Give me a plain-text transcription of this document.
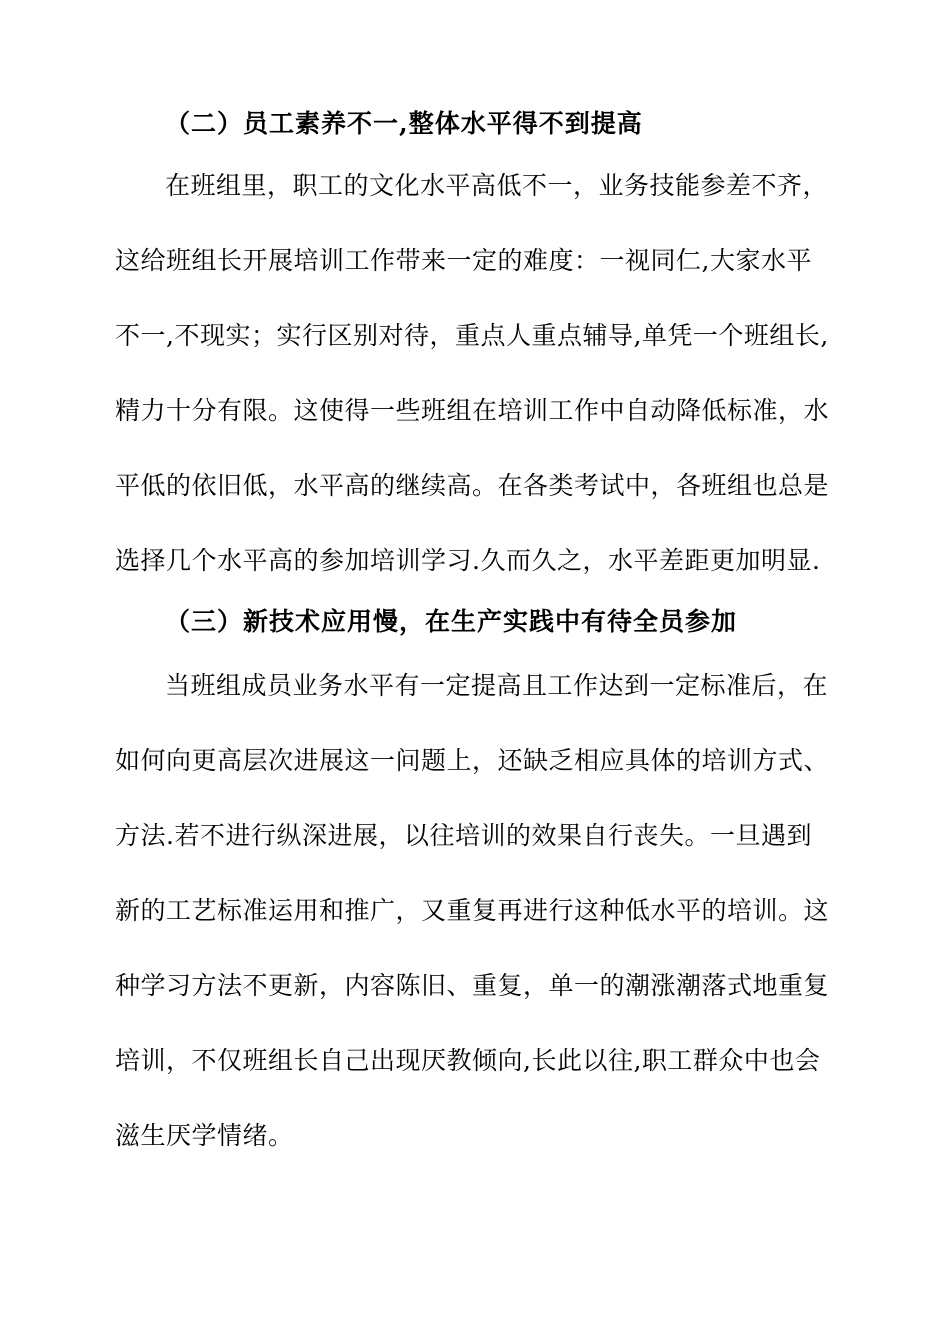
（二）员工素养不一,整体水平得不到提高
在班组里，职工的文化水平高低不一，业务技能参差不齐，
这给班组长开展培训工作带来一定的难度：一视同仁,大家水平
不一,不现实；实行区别对待，重点人重点辅导,单凭一个班组长,
精力十分有限。这使得一些班组在培训工作中自动降低标准，水
平低的依旧低，水平高的继续高。在各类考试中，各班组也总是
选择几个水平高的参加培训学习.久而久之，水平差距更加明显.
（三）新技术应用慢，在生产实践中有待全员参加
当班组成员业务水平有一定提高且工作达到一定标准后，在
如何向更高层次进展这一问题上，还缺乏相应具体的培训方式、
方法.若不进行纵深进展，以往培训的效果自行丧失。一旦遇到
新的工艺标准运用和推广，又重复再进行这种低水平的培训。这
种学习方法不更新，内容陈旧、重复，单一的潮涨潮落式地重复
培训，不仅班组长自己出现厌教倾向,长此以往,职工群众中也会
滋生厌学情绪。
